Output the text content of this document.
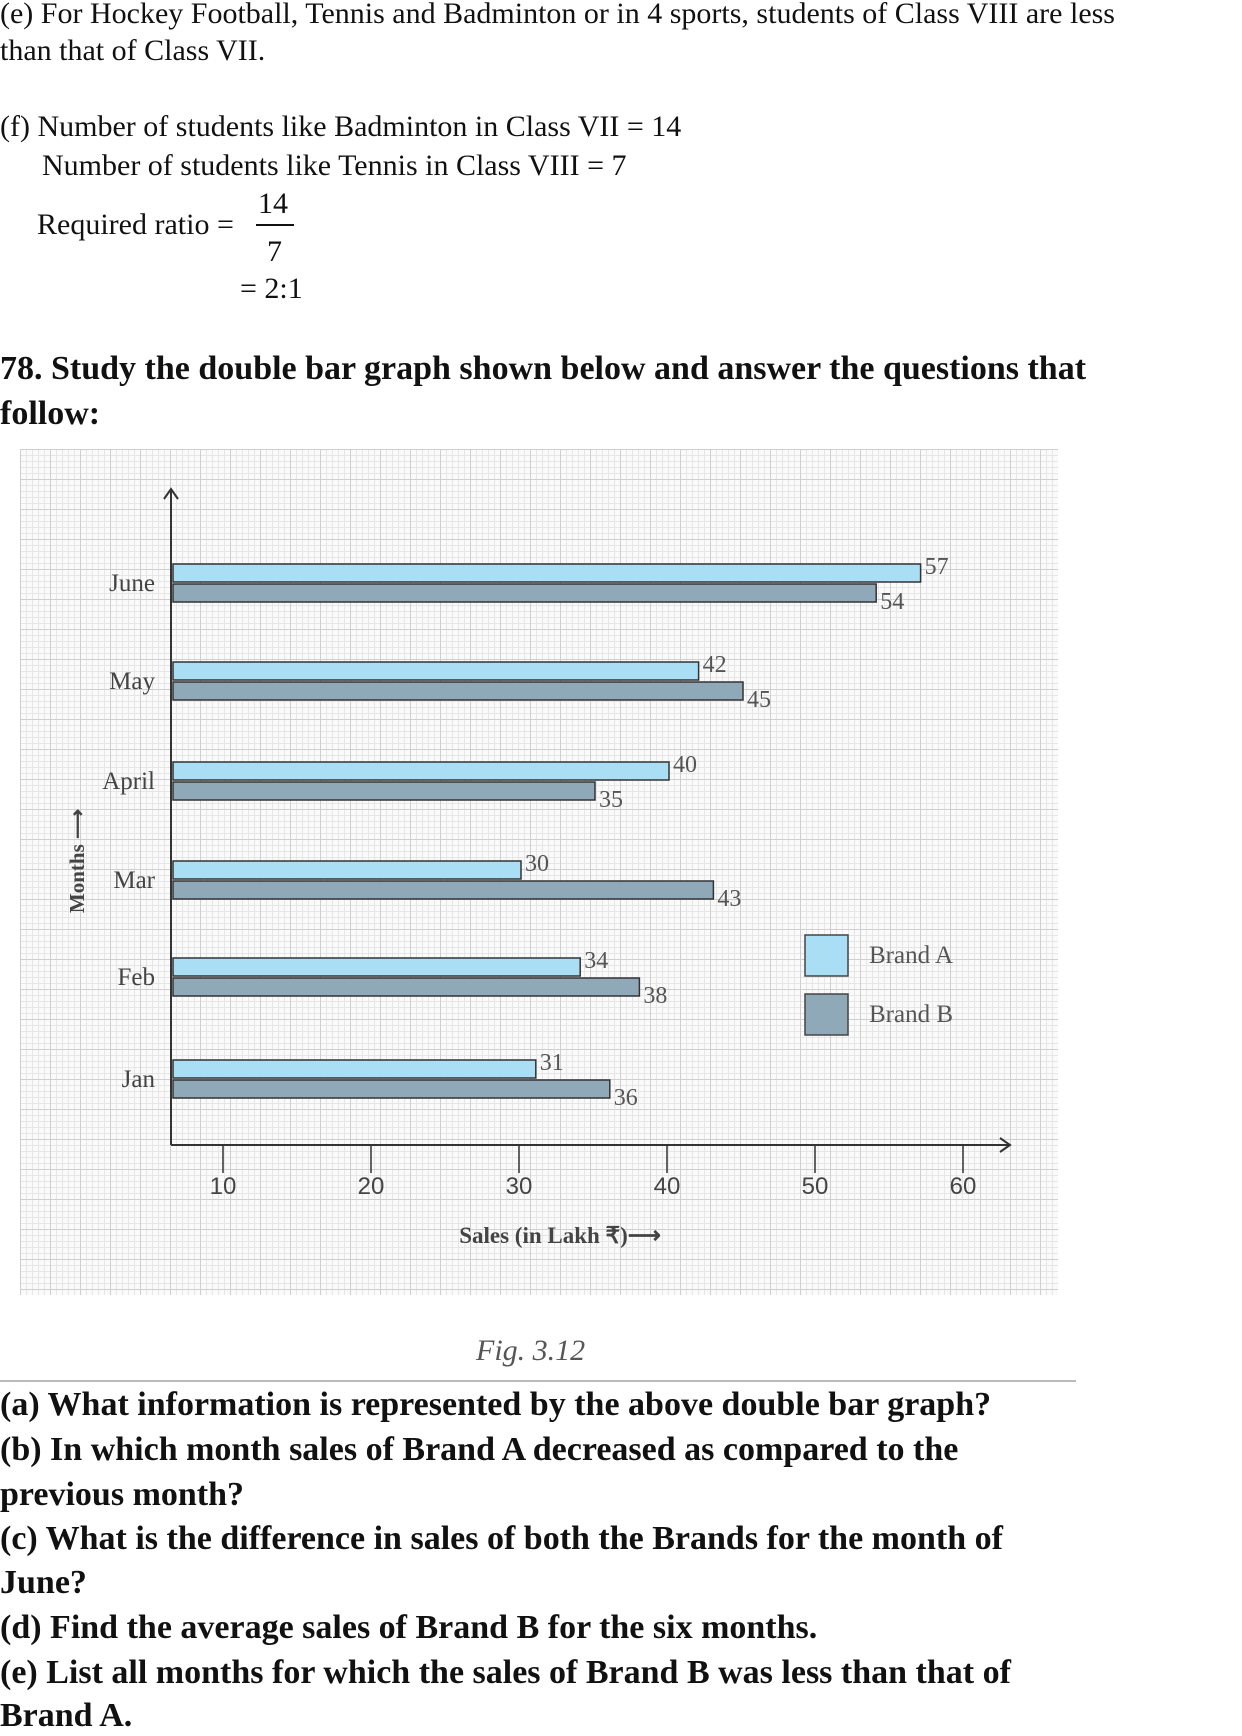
(e) For Hockey Football, Tennis and Badminton or in 4 sports, students of Class VIII are less
than that of Class VII.
(f) Number of students like Badminton in Class VII = 14
Number of students like Tennis in Class VIII = 7
Required ratio =
14
7
= 2:1
78. Study the double bar graph shown below and answer the questions that
follow:
10	20	30	40	50	60
Sales (in Lakh ₹)⟶
Months ⟶
Jan
31
36
Feb
34
38
Mar
30
43
April
40
35
May
42
45
June
57
54
Brand A
Brand B
Fig. 3.12
(a) What information is represented by the above double bar graph?
(b) In which month sales of Brand A decreased as compared to the
previous month?
(c) What is the difference in sales of both the Brands for the month of
June?
(d) Find the average sales of Brand B for the six months.
(e) List all months for which the sales of Brand B was less than that of
Brand A.
